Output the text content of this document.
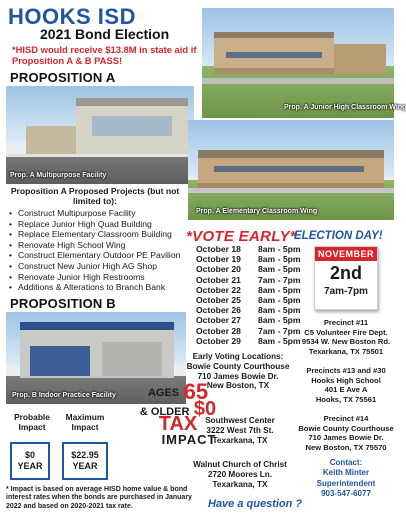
HOOKS ISD
2021 Bond Election
*HISD would receive $13.8M in state aid if Proposition A & B PASS!
Prop. A Junior High Classroom Wing
PROPOSITION A
Prop. A Multipurpose Facility
Prop. A Elementary Classroom Wing
Proposition A Proposed Projects (but not limited to):
• Construct Multipurpose Facility
• Replace Junior High Quad Building
• Replace Elementary Classroom Building
• Renovate High School Wing
• Construct Elementary Outdoor PE Pavilion
• Construct New Junior High AG Shop
• Renovate Junior High Restrooms
• Additions & Alterations to Branch Bank
PROPOSITION B
Prop. B Indoor Practice Facility
Probable Impact
Maximum Impact
$0
YEAR
$22.95
YEAR
* Impact is based on average HISD home value & bond interest rates when the bonds are purchased in January 2022 and based on 2020-2021 tax rate.
AGES 65
& OLDER $0 TAX
IMPACT
*VOTE EARLY*
October 18 8am - 5pm
October 19 8am - 5pm
October 20 8am - 5pm
October 21 7am - 7pm
October 22 8am - 5pm
October 25 8am - 5pm
October 26 8am - 5pm
October 27 8am - 5pm
October 28 7am - 7pm
October 29 8am - 5pm
Early Voting Locations:
Bowie County Courthouse
710 James Bowie Dr.
New Boston, TX
Southwest Center
3222 West 7th St.
Texarkana, TX
Walnut Church of Christ
2720 Moores Ln.
Texarkana, TX
Have a question ?
ELECTION DAY!
NOVEMBER
2nd
7am-7pm
Precinct #11
C5 Volunteer Fire Dept.
9534 W. New Boston Rd.
Texarkana, TX 75501
Precincts #13 and #30
Hooks High School
401 E Ave A
Hooks, TX 75561
Precinct #14
Bowie County Courthouse
710 James Bowie Dr.
New Boston, TX 75570
Contact:
Keith Minter
Superintendent
903-547-6077
